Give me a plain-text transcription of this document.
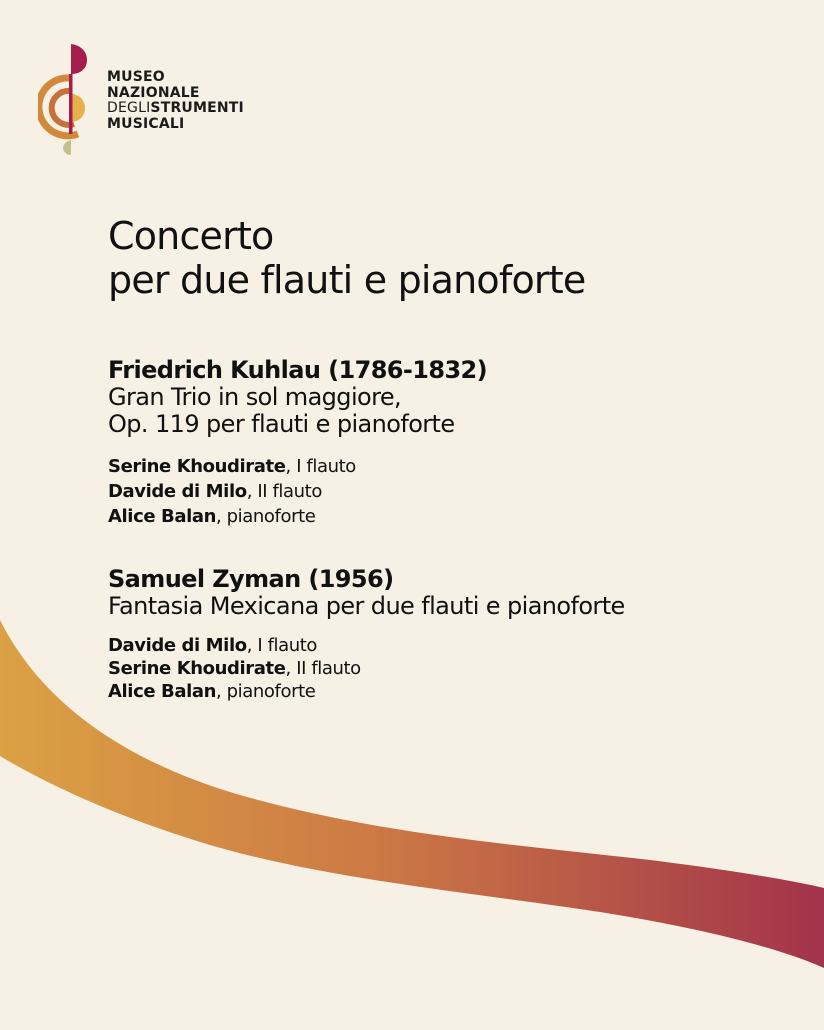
MUSEO
NAZIONALE
DEGLISTRUMENTI
MUSICALI
Concerto
per due flauti e pianoforte
Friedrich Kuhlau (1786-1832)
Gran Trio in sol maggiore,
Op. 119 per flauti e pianoforte
Serine Khoudirate, I flauto
Davide di Milo, II flauto
Alice Balan, pianoforte
Samuel Zyman (1956)
Fantasia Mexicana per due flauti e pianoforte
Davide di Milo, I flauto
Serine Khoudirate, II flauto
Alice Balan, pianoforte
